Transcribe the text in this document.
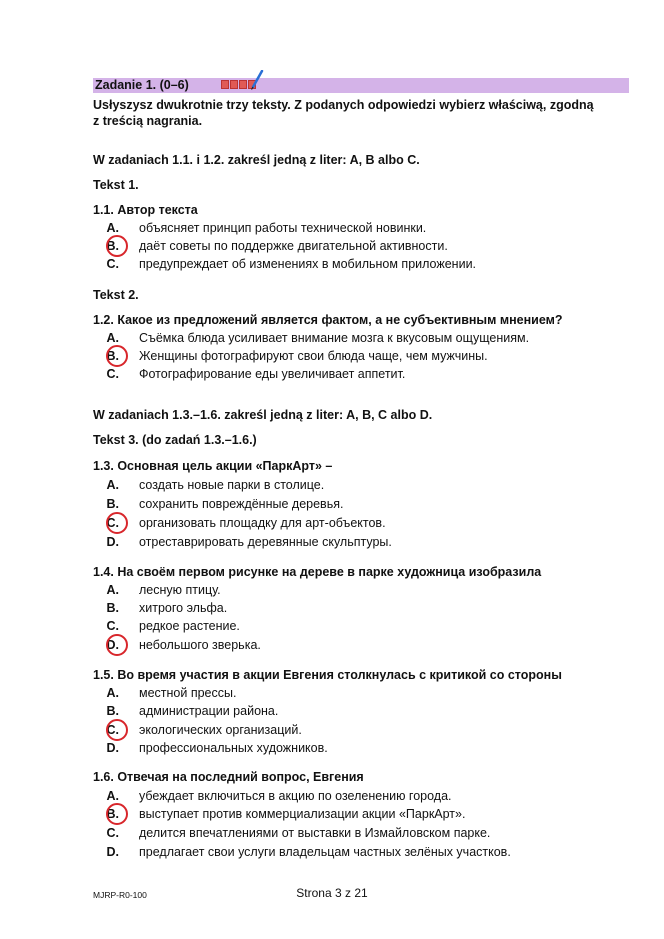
Zadanie 1. (0–6)
Usłyszysz dwukrotnie trzy teksty. Z podanych odpowiedzi wybierz właściwą, zgodną
z treścią nagrania.
W zadaniach 1.1. i 1.2. zakreśl jedną z liter: A, B albo C.
Tekst 1.
1.1. Автор текста
A. объясняет принцип работы технической новинки.
B. даёт советы по поддержке двигательной активности.
C. предупреждает об изменениях в мобильном приложении.
Tekst 2.
1.2. Какое из предложений является фактом, а не субъективным мнением?
A. Съёмка блюда усиливает внимание мозга к вкусовым ощущениям.
B. Женщины фотографируют свои блюда чаще, чем мужчины.
C. Фотографирование еды увеличивает аппетит.
W zadaniach 1.3.–1.6. zakreśl jedną z liter: A, B, C albo D.
Tekst 3. (do zadań 1.3.–1.6.)
1.3. Основная цель акции «ПаркАрт» –
A. создать новые парки в столице.
B. сохранить повреждённые деревья.
C. организовать площадку для арт-объектов.
D. отреставрировать деревянные скульптуры.
1.4. На своём первом рисунке на дереве в парке художница изобразила
A. лесную птицу.
B. хитрого эльфа.
C. редкое растение.
D. небольшого зверька.
1.5. Во время участия в акции Евгения столкнулась с критикой со стороны
A. местной прессы.
B. администрации района.
C. экологических организаций.
D. профессиональных художников.
1.6. Отвечая на последний вопрос, Евгения
A. убеждает включиться в акцию по озеленению города.
B. выступает против коммерциализации акции «ПаркАрт».
C. делится впечатлениями от выставки в Измайловском парке.
D. предлагает свои услуги владельцам частных зелёных участков.
MJRP-R0-100	Strona 3 z 21
